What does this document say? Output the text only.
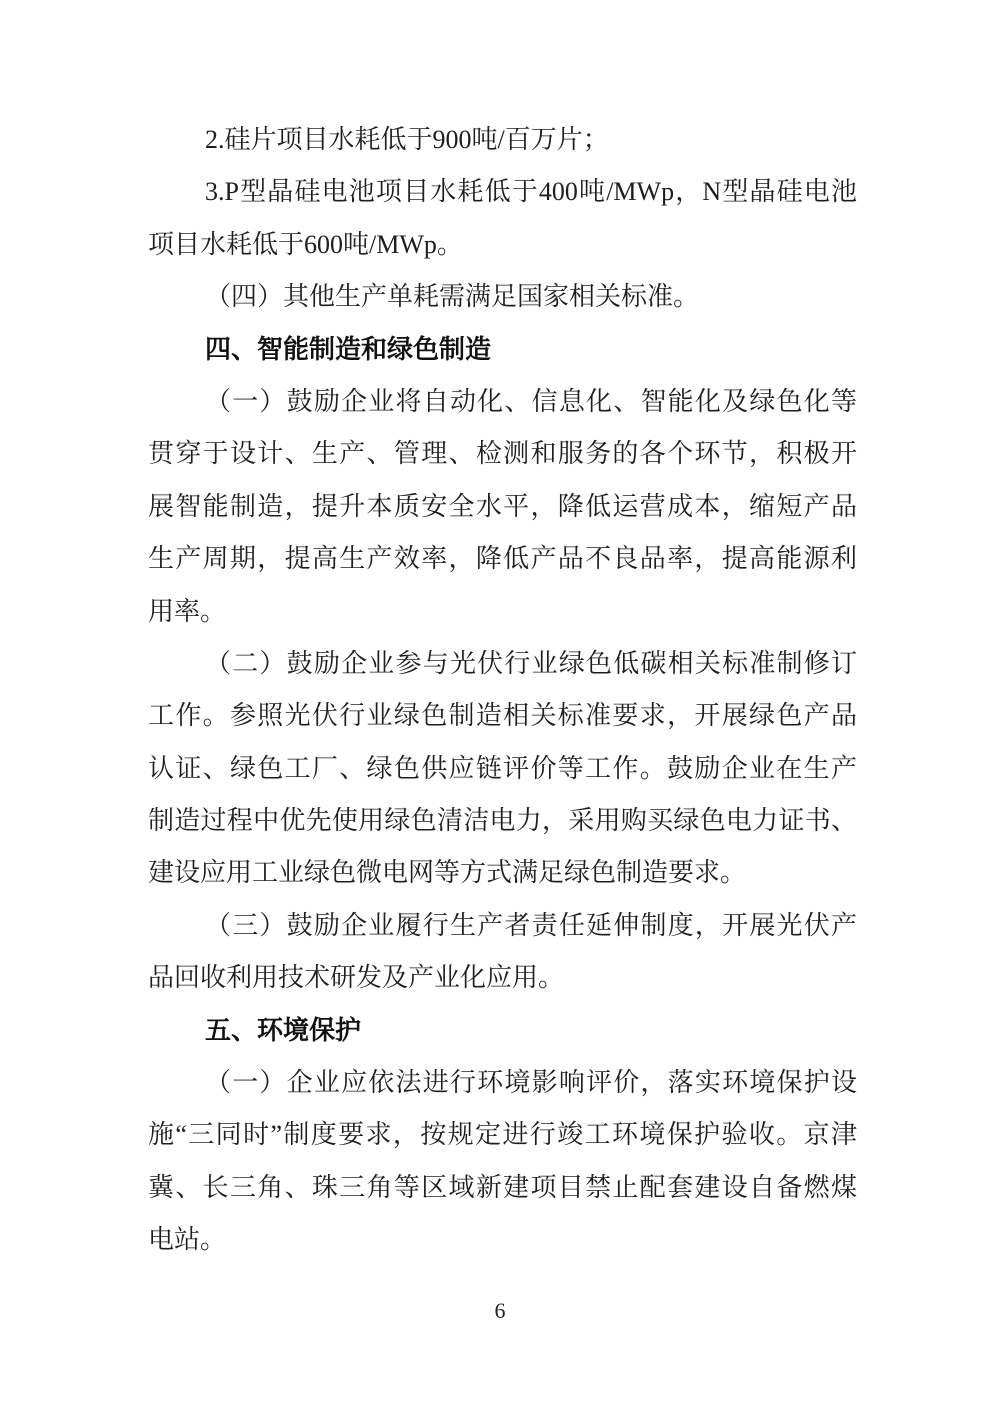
2.硅片项目水耗低于900吨/百万片；
3.P型晶硅电池项目水耗低于400吨/MWp，N型晶硅电池
项目水耗低于600吨/MWp。
（四）其他生产单耗需满足国家相关标准。
四、智能制造和绿色制造
（一）鼓励企业将自动化、信息化、智能化及绿色化等
贯穿于设计、生产、管理、检测和服务的各个环节，积极开
展智能制造，提升本质安全水平，降低运营成本，缩短产品
生产周期，提高生产效率，降低产品不良品率，提高能源利
用率。
（二）鼓励企业参与光伏行业绿色低碳相关标准制修订
工作。参照光伏行业绿色制造相关标准要求，开展绿色产品
认证、绿色工厂、绿色供应链评价等工作。鼓励企业在生产
制造过程中优先使用绿色清洁电力，采用购买绿色电力证书、
建设应用工业绿色微电网等方式满足绿色制造要求。
（三）鼓励企业履行生产者责任延伸制度，开展光伏产
品回收利用技术研发及产业化应用。
五、环境保护
（一）企业应依法进行环境影响评价，落实环境保护设
施“三同时”制度要求，按规定进行竣工环境保护验收。京津
冀、长三角、珠三角等区域新建项目禁止配套建设自备燃煤
电站。
6
